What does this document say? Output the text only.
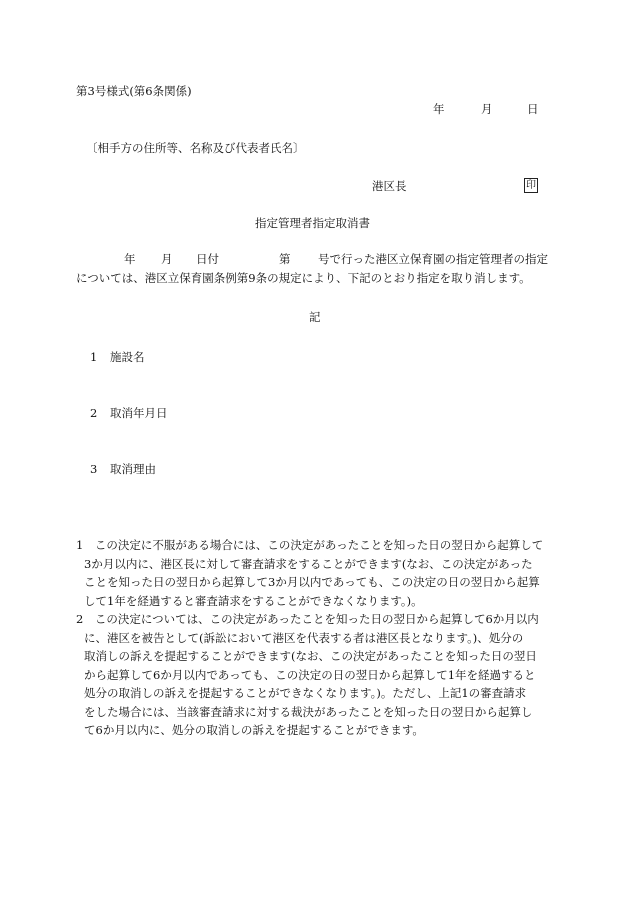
第3号様式(第6条関係)
年	月	日
〔相手方の住所等、名称及び代表者氏名〕
港区長	印
指定管理者指定取消書
年 月 日付	第 号で行った港区立保育園の指定管理者の指定
については、港区立保育園条例第9条の規定により、下記のとおり指定を取り消します。
記
1 施設名
2 取消年月日
3 取消理由
1　 この決定に不服がある場合には、この決定があったことを知った日の翌日から起算して
3か月以内に、港区長に対して審査請求をすることができます(なお、この決定があった
ことを知った日の翌日から起算して3か月以内であっても、この決定の日の翌日から起算
して1年を経過すると審査請求をすることができなくなります。)。
2　 この決定については、この決定があったことを知った日の翌日から起算して6か月以内
に、港区を被告として(訴訟において港区を代表する者は港区長となります。)、処分の
取消しの訴えを提起することができます(なお、この決定があったことを知った日の翌日
から起算して6か月以内であっても、この決定の日の翌日から起算して1年を経過すると
処分の取消しの訴えを提起することができなくなります。)。ただし、上記1の審査請求
をした場合には、当該審査請求に対する裁決があったことを知った日の翌日から起算し
て6か月以内に、処分の取消しの訴えを提起することができます。
